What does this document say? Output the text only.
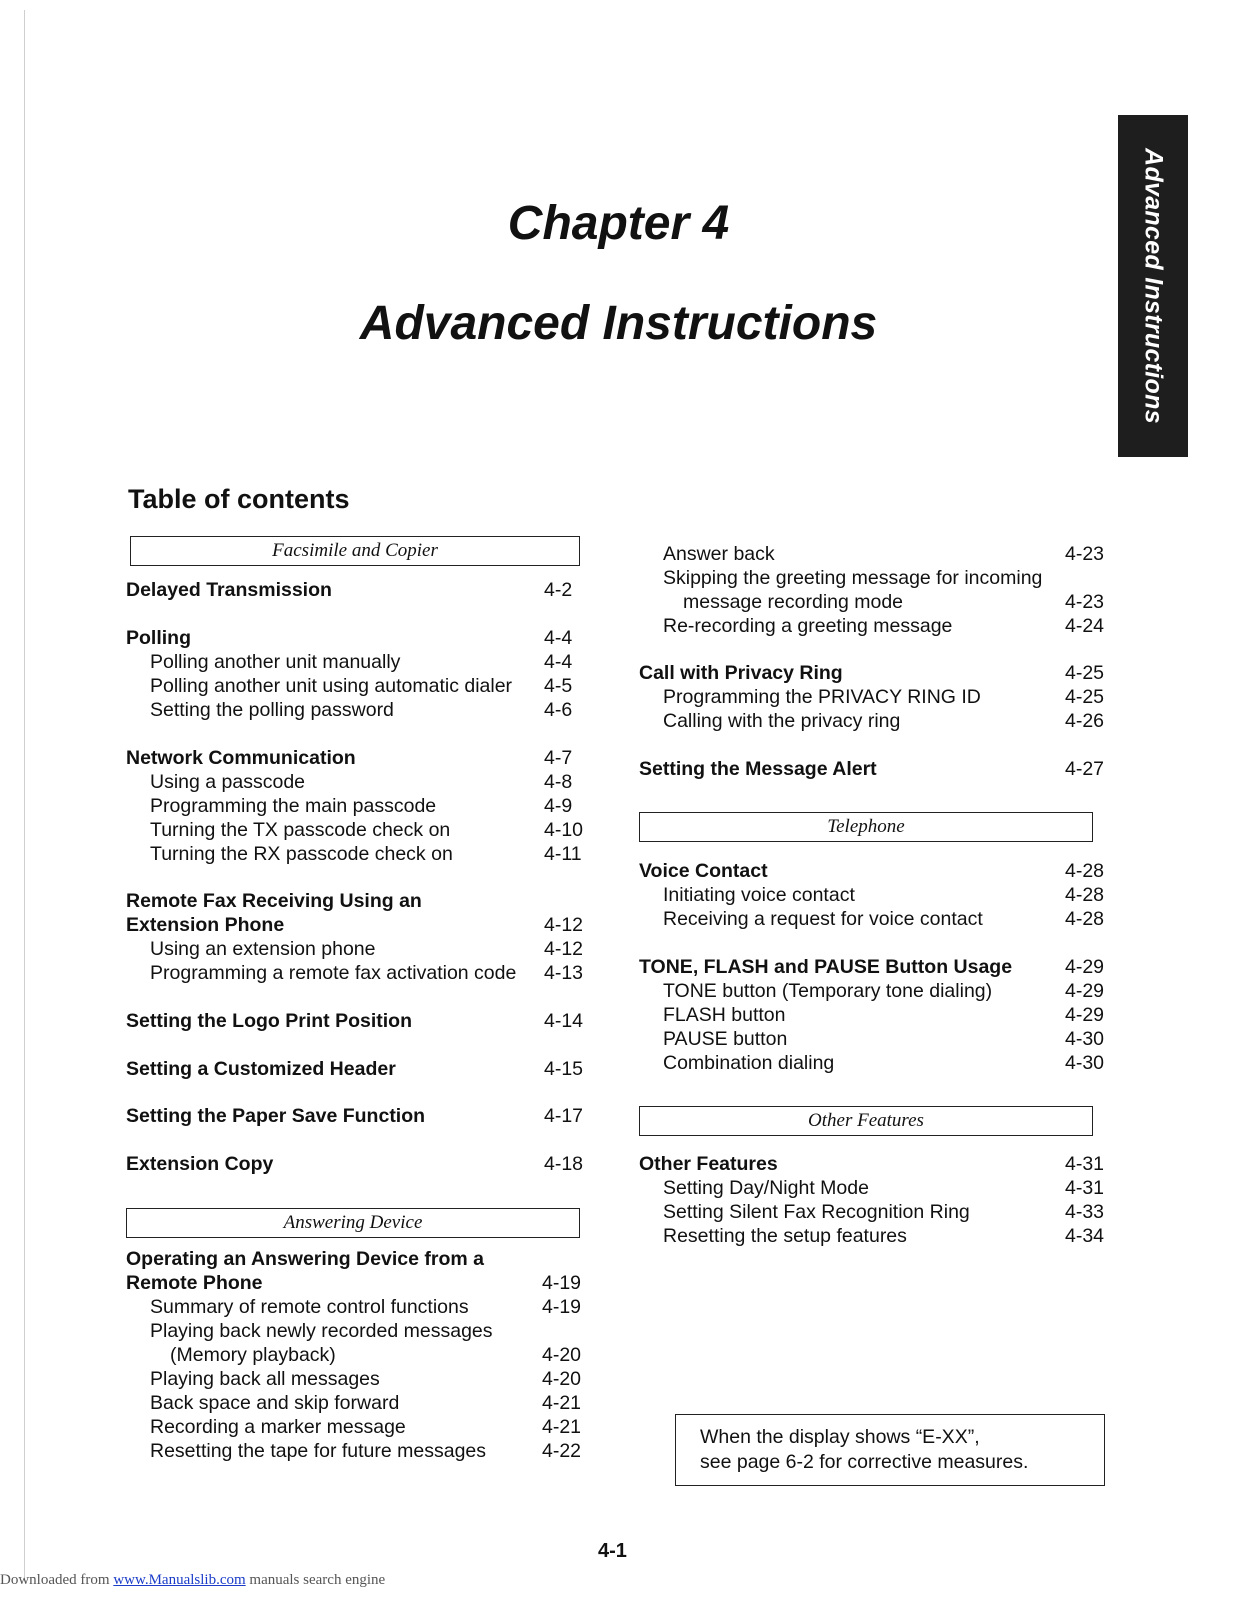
Advanced Instructions
Chapter 4
Advanced Instructions
Table of contents
Facsimile and Copier
Delayed Transmission	4-2
Polling	4-4
Polling another unit manually	4-4
Polling another unit using automatic dialer 4-5
Setting the polling password	4-6
Network Communication	4-7
Using a passcode	4-8
Programming the main passcode	4-9
Turning the TX passcode check on	4-10
Turning the RX passcode check on	4-11
Remote Fax Receiving Using an
Extension Phone	4-12
Using an extension phone	4-12
Programming a remote fax activation code 4-13
Setting the Logo Print Position	4-14
Setting a Customized Header	4-15
Setting the Paper Save Function	4-17
Extension Copy	4-18
Answering Device
Operating an Answering Device from a
Remote Phone	4-19
Summary of remote control functions	4-19
Playing back newly recorded messages
(Memory playback)	4-20
Playing back all messages	4-20
Back space and skip forward	4-21
Recording a marker message	4-21
Resetting the tape for future messages	4-22
Answer back	4-23
Skipping the greeting message for incoming
message recording mode	4-23
Re-recording a greeting message	4-24
Call with Privacy Ring	4-25
Programming the PRIVACY RING ID	4-25
Calling with the privacy ring	4-26
Setting the Message Alert	4-27
Telephone
Voice Contact	4-28
Initiating voice contact	4-28
Receiving a request for voice contact	4-28
TONE, FLASH and PAUSE Button Usage	4-29
TONE button (Temporary tone dialing)	4-29
FLASH button	4-29
PAUSE button	4-30
Combination dialing	4-30
Other Features
Other Features	4-31
Setting Day/Night Mode	4-31
Setting Silent Fax Recognition Ring	4-33
Resetting the setup features	4-34
When the display shows “E-XX”,
see page 6-2 for corrective measures.
4-1
Downloaded from www.Manualslib.com manuals search engine
